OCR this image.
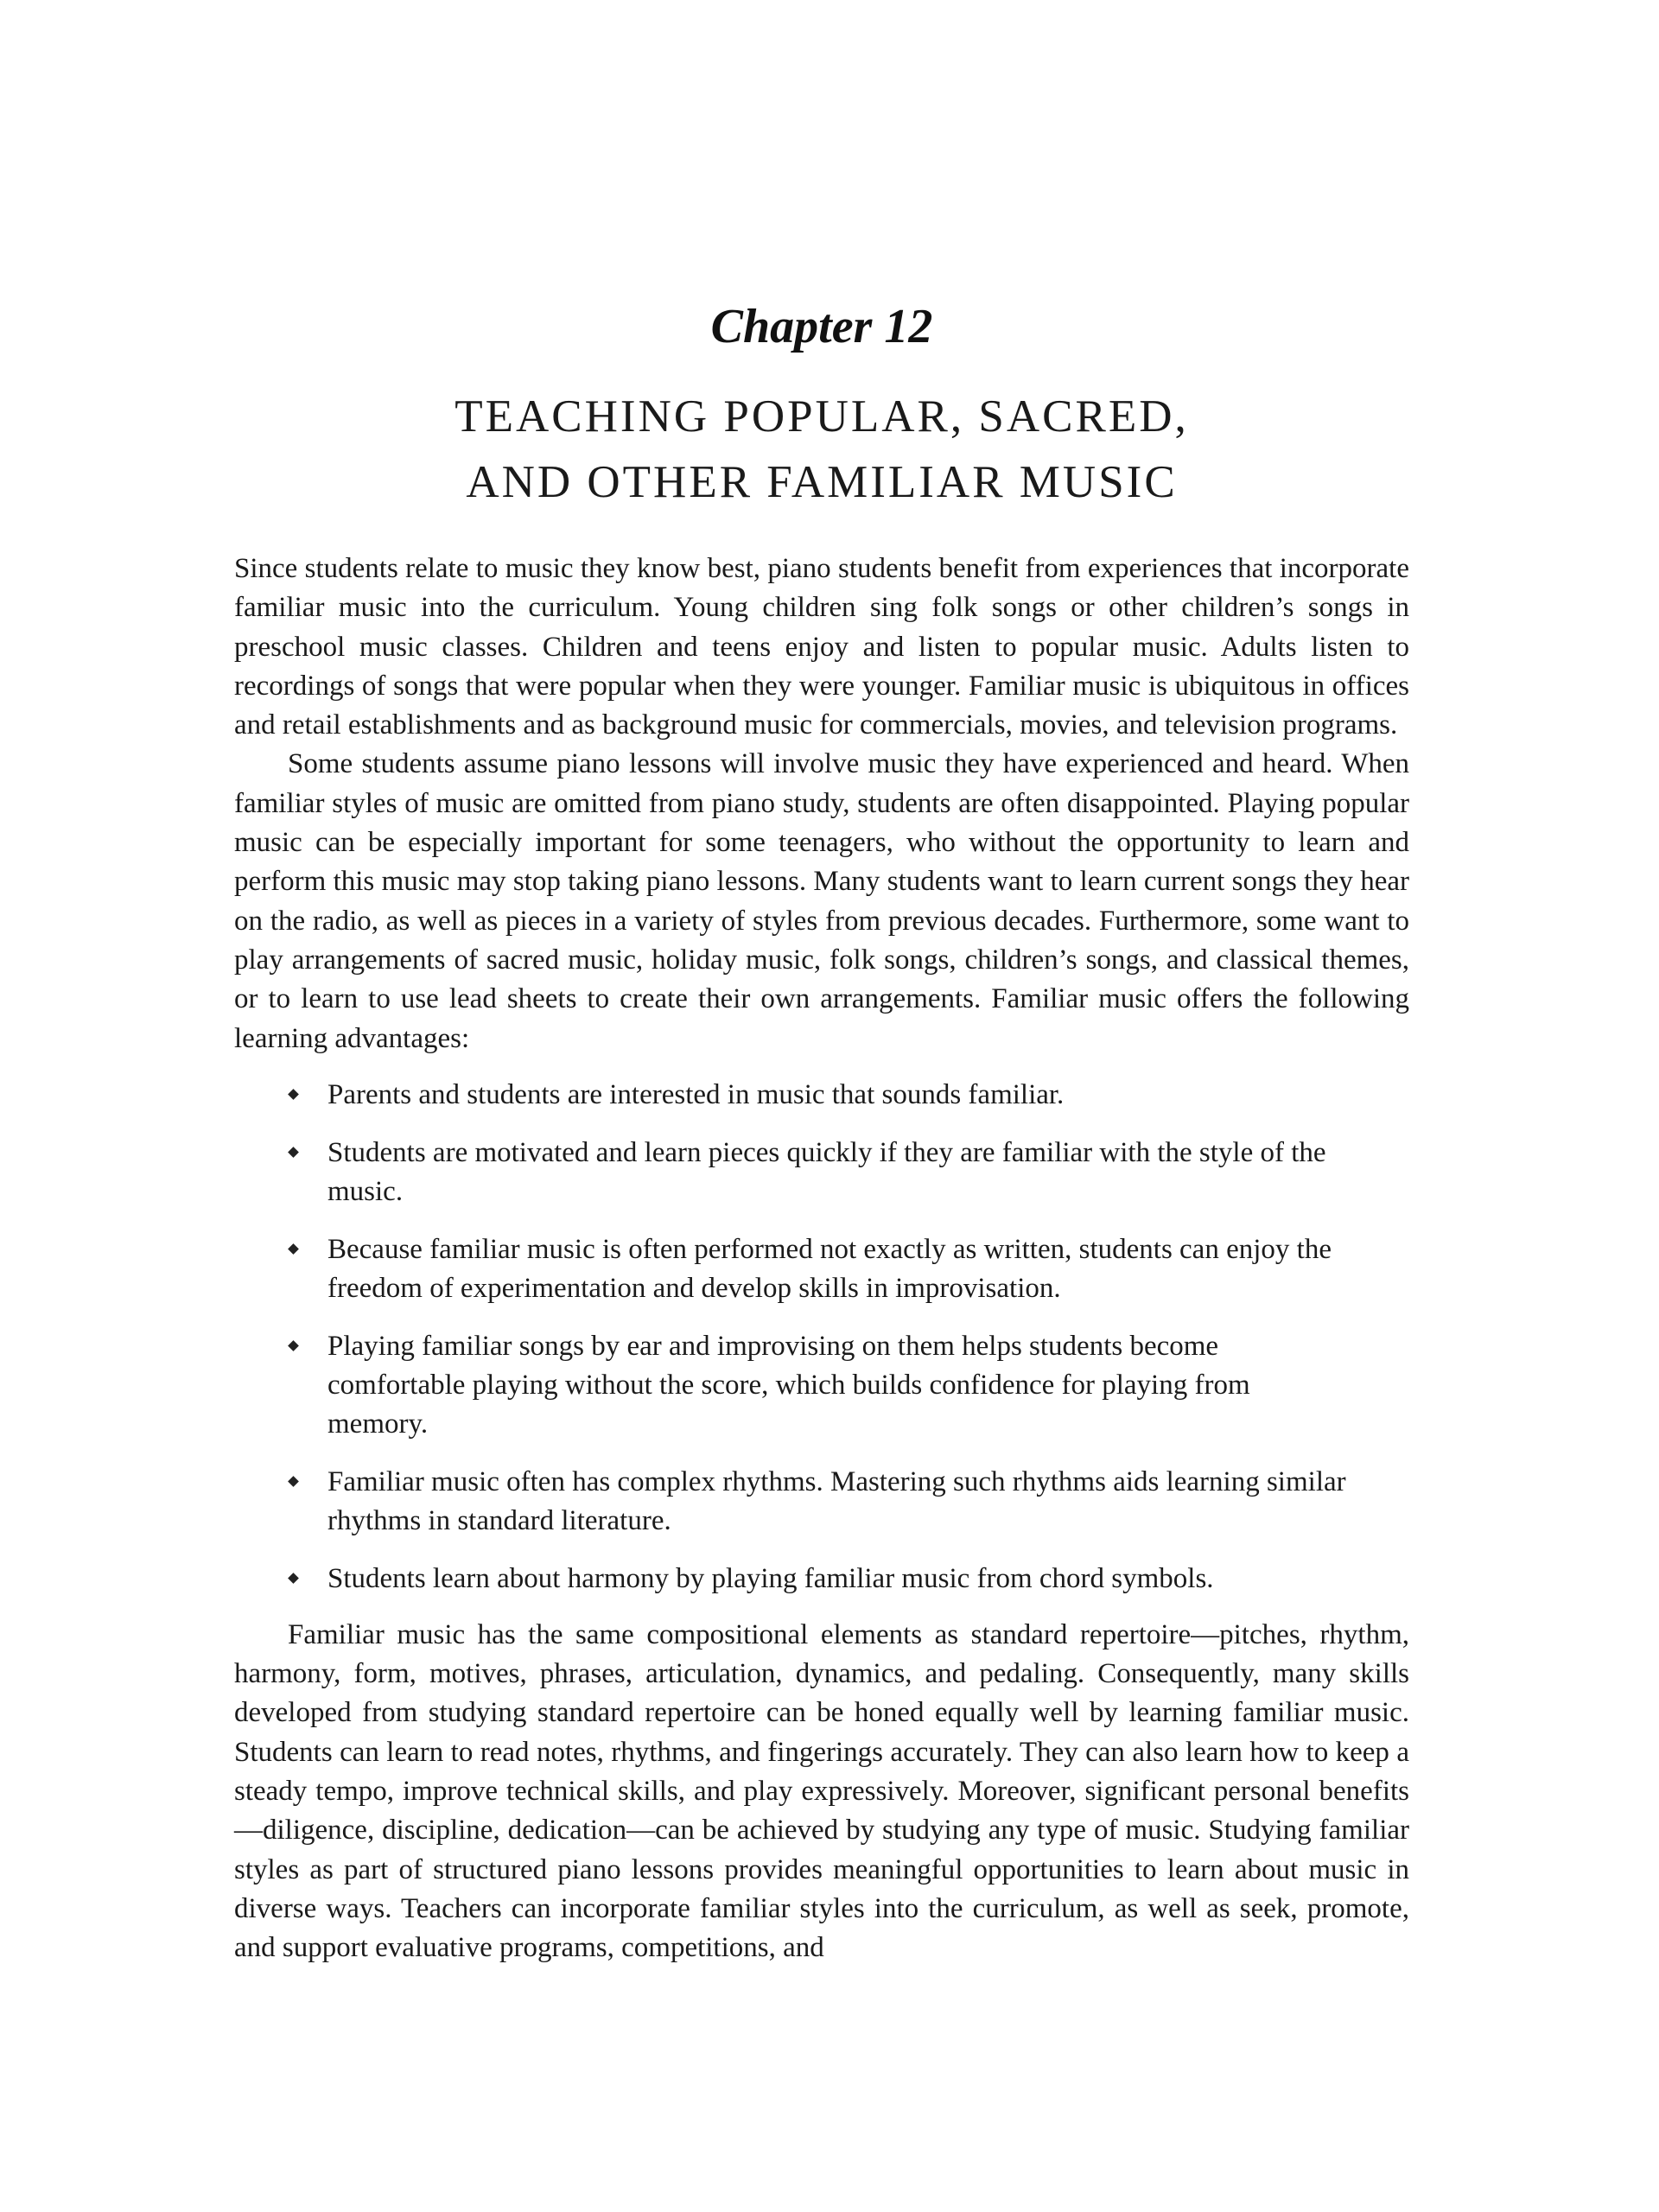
Chapter 12
TEACHING POPULAR, SACRED,
AND OTHER FAMILIAR MUSIC

Since students relate to music they know best, piano students benefit from experiences that incorporate familiar music into the curriculum. Young children sing folk songs or other children’s songs in preschool music classes. Children and teens enjoy and listen to popular music. Adults listen to recordings of songs that were popular when they were younger. Familiar music is ubiquitous in offices and retail establishments and as background music for commercials, movies, and television programs.

Some students assume piano lessons will involve music they have experienced and heard. When familiar styles of music are omitted from piano study, students are often disappointed. Playing popular music can be especially important for some teenagers, who without the opportunity to learn and perform this music may stop taking piano lessons. Many students want to learn current songs they hear on the radio, as well as pieces in a variety of styles from previous decades. Furthermore, some want to play arrangements of sacred music, holiday music, folk songs, children’s songs, and classical themes, or to learn to use lead sheets to create their own arrangements. Familiar music offers the following learning advantages:

Parents and students are interested in music that sounds familiar.
Students are motivated and learn pieces quickly if they are familiar with the style of the music.
Because familiar music is often performed not exactly as written, students can enjoy the freedom of experimentation and develop skills in improvisation.
Playing familiar songs by ear and improvising on them helps students become comfortable playing without the score, which builds confidence for playing from memory.
Familiar music often has complex rhythms. Mastering such rhythms aids learning similar rhythms in standard literature.
Students learn about harmony by playing familiar music from chord symbols.

Familiar music has the same compositional elements as standard repertoire—pitches, rhythm, harmony, form, motives, phrases, articulation, dynamics, and pedaling. Consequently, many skills developed from studying standard repertoire can be honed equally well by learning familiar music. Students can learn to read notes, rhythms, and fingerings accurately. They can also learn how to keep a steady tempo, improve technical skills, and play expressively. Moreover, significant personal benefits—diligence, discipline, dedication—can be achieved by studying any type of music. Studying familiar styles as part of structured piano lessons provides meaningful opportunities to learn about music in diverse ways. Teachers can incorporate familiar styles into the curriculum, as well as seek, promote, and support evaluative programs, competitions, and
